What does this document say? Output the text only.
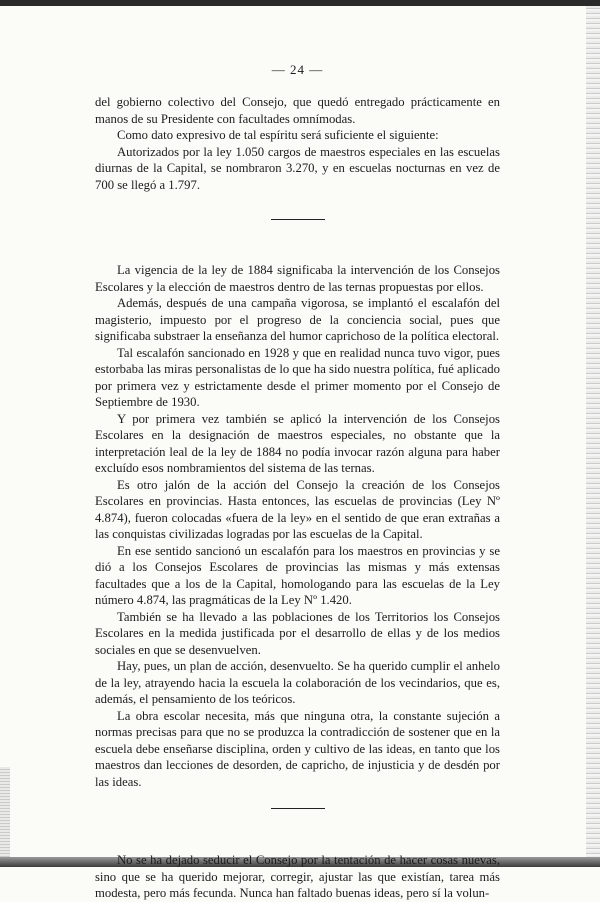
— 24 —

del gobierno colectivo del Consejo, que quedó entregado prácticamente en manos de su Presidente con facultades omnímodas.

Como dato expresivo de tal espíritu será suficiente el siguiente:

Autorizados por la ley 1.050 cargos de maestros especiales en las escuelas diurnas de la Capital, se nombraron 3.270, y en escuelas nocturnas en vez de 700 se llegó a 1.797.

La vigencia de la ley de 1884 significaba la intervención de los Consejos Escolares y la elección de maestros dentro de las ternas propuestas por ellos.

Además, después de una campaña vigorosa, se implantó el escalafón del magisterio, impuesto por el progreso de la conciencia social, pues que significaba substraer la enseñanza del humor caprichoso de la política electoral.

Tal escalafón sancionado en 1928 y que en realidad nunca tuvo vigor, pues estorbaba las miras personalistas de lo que ha sido nuestra política, fué aplicado por primera vez y estrictamente desde el primer momento por el Consejo de Septiembre de 1930.

Y por primera vez también se aplicó la intervención de los Consejos Escolares en la designación de maestros especiales, no obstante que la interpretación leal de la ley de 1884 no podía invocar razón alguna para haber excluído esos nombramientos del sistema de las ternas.

Es otro jalón de la acción del Consejo la creación de los Consejos Escolares en provincias. Hasta entonces, las escuelas de provincias (Ley Nº 4.874), fueron colocadas «fuera de la ley» en el sentido de que eran extrañas a las conquistas civilizadas logradas por las escuelas de la Capital.

En ese sentido sancionó un escalafón para los maestros en provincias y se dió a los Consejos Escolares de provincias las mismas y más extensas facultades que a los de la Capital, homologando para las escuelas de la Ley número 4.874, las pragmáticas de la Ley Nº 1.420.

También se ha llevado a las poblaciones de los Territorios los Consejos Escolares en la medida justificada por el desarrollo de ellas y de los medios sociales en que se desenvuelven.

Hay, pues, un plan de acción, desenvuelto. Se ha querido cumplir el anhelo de la ley, atrayendo hacia la escuela la colaboración de los vecindarios, que es, además, el pensamiento de los teóricos.

La obra escolar necesita, más que ninguna otra, la constante sujeción a normas precisas para que no se produzca la contradicción de sostener que en la escuela debe enseñarse disciplina, orden y cultivo de las ideas, en tanto que los maestros dan lecciones de desorden, de capricho, de injusticia y de desdén por las ideas.

No se ha dejado seducir el Consejo por la tentación de hacer cosas nuevas, sino que se ha querido mejorar, corregir, ajustar las que existían, tarea más modesta, pero más fecunda. Nunca han faltado buenas ideas, pero sí la volun-
